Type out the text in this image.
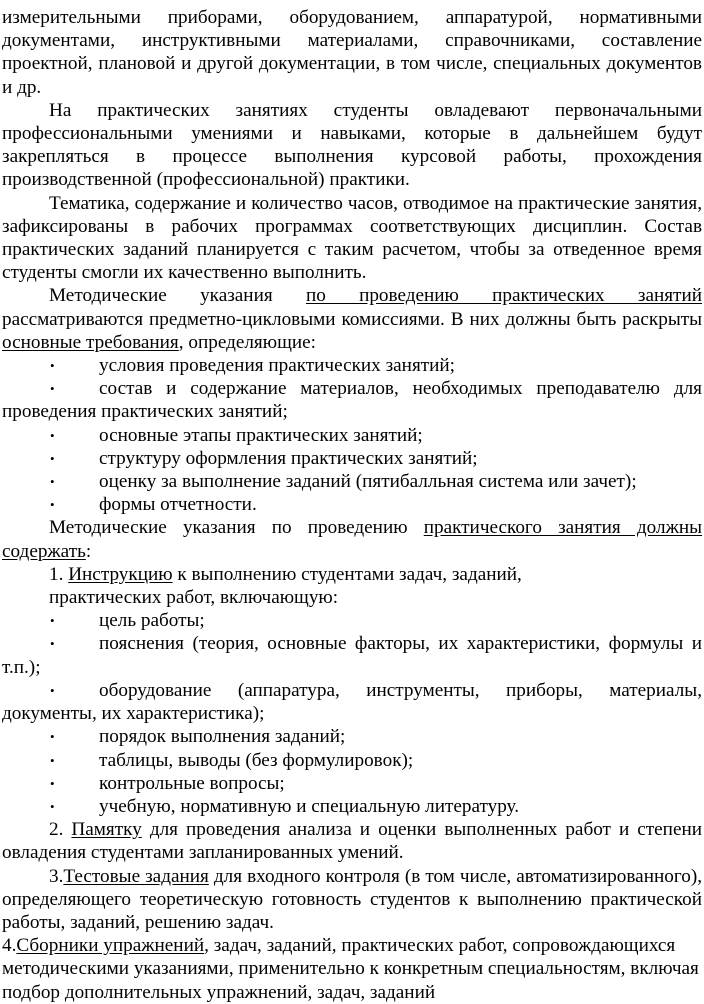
измерительными приборами, оборудованием, аппаратурой, нормативными документами, инструктивными материалами, справочниками, составление проектной, плановой и другой документации, в том числе, специальных документов и др.

На практических занятиях студенты овладевают первоначальными профессиональными умениями и навыками, которые в дальнейшем будут закрепляться в процессе выполнения курсовой работы, прохождения производственной (профессиональной) практики.

Тематика, содержание и количество часов, отводимое на практические занятия, зафиксированы в рабочих программах соответствующих дисциплин. Состав практических заданий планируется с таким расчетом, чтобы за отведенное время студенты смогли их качественно выполнить.

Методические указания по проведению практических занятий рассматриваются предметно-цикловыми комиссиями. В них должны быть раскрыты основные требования, определяющие:

• условия проведения практических занятий;

• состав и содержание материалов, необходимых преподавателю для проведения практических занятий;

• основные этапы практических занятий;

• структуру оформления практических занятий;

• оценку за выполнение заданий (пятибалльная система или зачет);

• формы отчетности.

Методические указания по проведению практического занятия должны содержать:

1. Инструкцию к выполнению студентами задач, заданий,

практических работ, включающую:

• цель работы;

• пояснения (теория, основные факторы, их характеристики, формулы и т.п.);

• оборудование (аппаратура, инструменты, приборы, материалы, документы, их характеристика);

• порядок выполнения заданий;

• таблицы, выводы (без формулировок);

• контрольные вопросы;

• учебную, нормативную и специальную литературу.

2. Памятку для проведения анализа и оценки выполненных работ и степени овладения студентами запланированных умений.

3.Тестовые задания для входного контроля (в том числе, автоматизированного), определяющего теоретическую готовность студентов к выполнению практической работы, заданий, решению задач.

4.Сборники упражнений, задач, заданий, практических работ, сопровождающихся методическими указаниями, применительно к конкретным специальностям, включая подбор дополнительных упражнений, задач, заданий
